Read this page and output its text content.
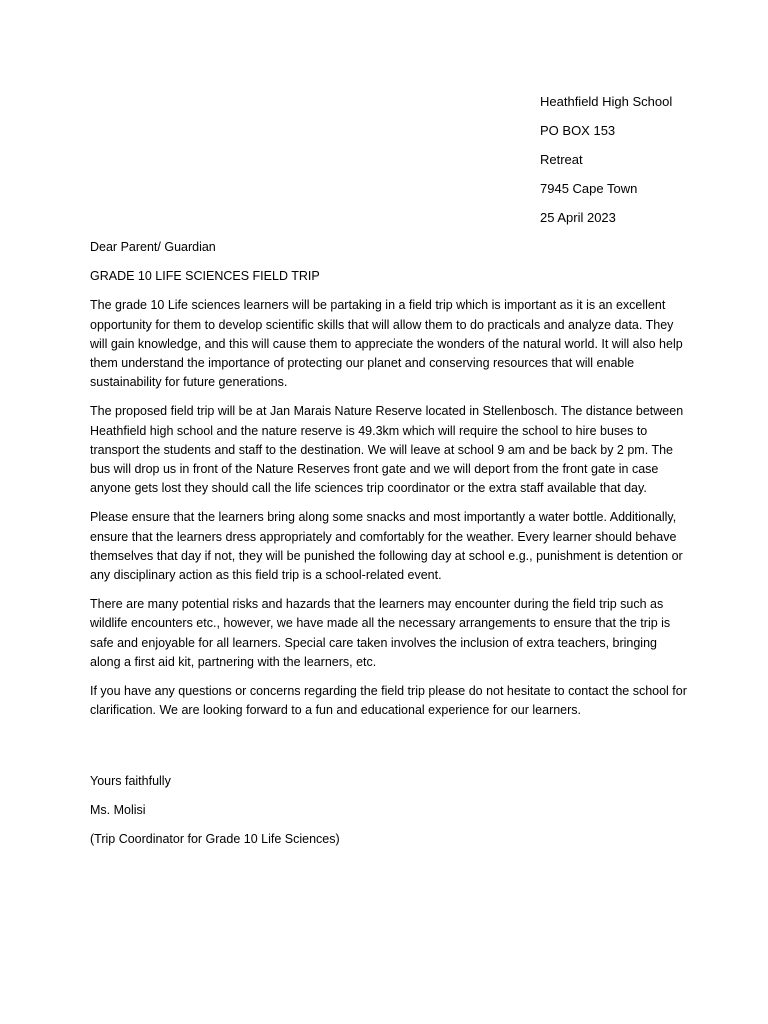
Heathfield High School
PO BOX 153
Retreat
7945 Cape Town
25 April 2023
Dear Parent/ Guardian
GRADE 10 LIFE SCIENCES FIELD TRIP

The grade 10 Life sciences learners will be partaking in a field trip which is important as it is an excellent opportunity for them to develop scientific skills that will allow them to do practicals and analyze data. They will gain knowledge, and this will cause them to appreciate the wonders of the natural world. It will also help them understand the importance of protecting our planet and conserving resources that will enable sustainability for future generations.

The proposed field trip will be at Jan Marais Nature Reserve located in Stellenbosch. The distance between Heathfield high school and the nature reserve is 49.3km which will require the school to hire buses to transport the students and staff to the destination. We will leave at school 9 am and be back by 2 pm. The bus will drop us in front of the Nature Reserves front gate and we will deport from the front gate in case anyone gets lost they should call the life sciences trip coordinator or the extra staff available that day.

Please ensure that the learners bring along some snacks and most importantly a water bottle. Additionally, ensure that the learners dress appropriately and comfortably for the weather. Every learner should behave themselves that day if not, they will be punished the following day at school e.g., punishment is detention or any disciplinary action as this field trip is a school-related event.

There are many potential risks and hazards that the learners may encounter during the field trip such as wildlife encounters etc., however, we have made all the necessary arrangements to ensure that the trip is safe and enjoyable for all learners. Special care taken involves the inclusion of extra teachers, bringing along a first aid kit, partnering with the learners, etc.

If you have any questions or concerns regarding the field trip please do not hesitate to contact the school for clarification. We are looking forward to a fun and educational experience for our learners.

Yours faithfully
Ms. Molisi
(Trip Coordinator for Grade 10 Life Sciences)
